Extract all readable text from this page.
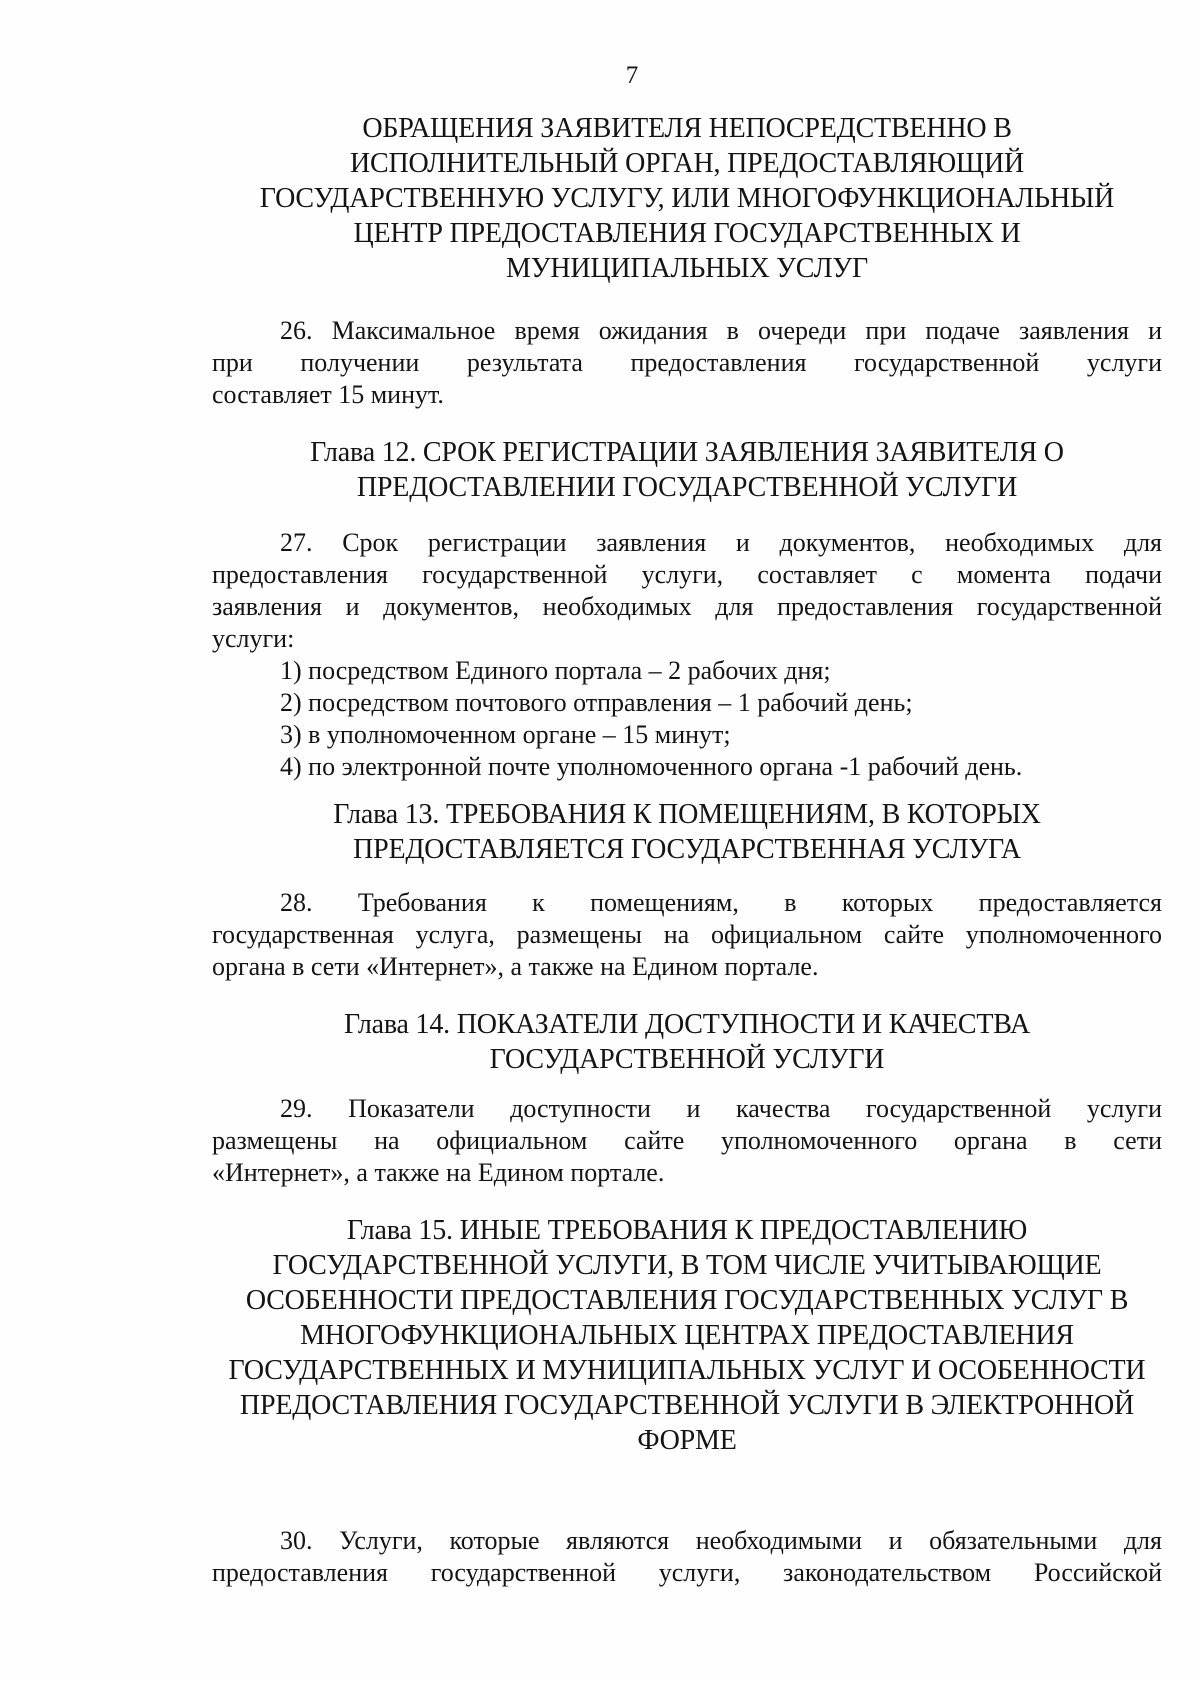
7
ОБРАЩЕНИЯ ЗАЯВИТЕЛЯ НЕПОСРЕДСТВЕННО В
ИСПОЛНИТЕЛЬНЫЙ ОРГАН, ПРЕДОСТАВЛЯЮЩИЙ
ГОСУДАРСТВЕННУЮ УСЛУГУ, ИЛИ МНОГОФУНКЦИОНАЛЬНЫЙ
ЦЕНТР ПРЕДОСТАВЛЕНИЯ ГОСУДАРСТВЕННЫХ И
МУНИЦИПАЛЬНЫХ УСЛУГ

26. Максимальное время ожидания в очереди при подаче заявления и
при получении результата предоставления государственной услуги
составляет 15 минут.

Глава 12. СРОК РЕГИСТРАЦИИ ЗАЯВЛЕНИЯ ЗАЯВИТЕЛЯ О
ПРЕДОСТАВЛЕНИИ ГОСУДАРСТВЕННОЙ УСЛУГИ

27. Срок регистрации заявления и документов, необходимых для
предоставления государственной услуги, составляет с момента подачи
заявления и документов, необходимых для предоставления государственной
услуги:

1) посредством Единого портала – 2 рабочих дня;
2) посредством почтового отправления – 1 рабочий день;
3) в уполномоченном органе – 15 минут;
4) по электронной почте уполномоченного органа -1 рабочий день.
Глава 13. ТРЕБОВАНИЯ К ПОМЕЩЕНИЯМ, В КОТОРЫХ
ПРЕДОСТАВЛЯЕТСЯ ГОСУДАРСТВЕННАЯ УСЛУГА

28. Требования к помещениям, в которых предоставляется
государственная услуга, размещены на официальном сайте уполномоченного
органа в сети «Интернет», а также на Едином портале.

Глава 14. ПОКАЗАТЕЛИ ДОСТУПНОСТИ И КАЧЕСТВА
ГОСУДАРСТВЕННОЙ УСЛУГИ

29. Показатели доступности и качества государственной услуги
размещены на официальном сайте уполномоченного органа в сети
«Интернет», а также на Едином портале.

Глава 15. ИНЫЕ ТРЕБОВАНИЯ К ПРЕДОСТАВЛЕНИЮ
ГОСУДАРСТВЕННОЙ УСЛУГИ, В ТОМ ЧИСЛЕ УЧИТЫВАЮЩИЕ
ОСОБЕННОСТИ ПРЕДОСТАВЛЕНИЯ ГОСУДАРСТВЕННЫХ УСЛУГ В
МНОГОФУНКЦИОНАЛЬНЫХ ЦЕНТРАХ ПРЕДОСТАВЛЕНИЯ
ГОСУДАРСТВЕННЫХ И МУНИЦИПАЛЬНЫХ УСЛУГ И ОСОБЕННОСТИ
ПРЕДОСТАВЛЕНИЯ ГОСУДАРСТВЕННОЙ УСЛУГИ В ЭЛЕКТРОННОЙ
ФОРМЕ

30. Услуги, которые являются необходимыми и обязательными для
предоставления государственной услуги, законодательством Российской
